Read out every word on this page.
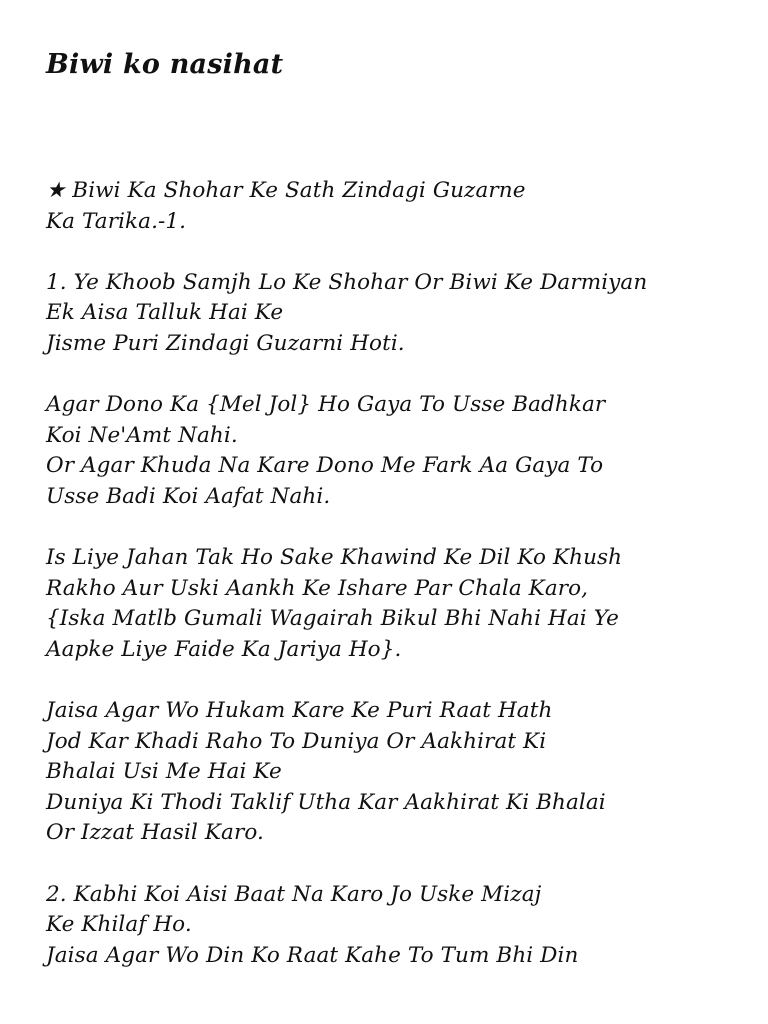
Biwi ko nasihat
★ Biwi Ka Shohar Ke Sath Zindagi Guzarne
Ka Tarika.-1.
1. Ye Khoob Samjh Lo Ke Shohar Or Biwi Ke Darmiyan
Ek Aisa Talluk Hai Ke
Jisme Puri Zindagi Guzarni Hoti.
Agar Dono Ka {Mel Jol} Ho Gaya To Usse Badhkar
Koi Ne'Amt Nahi.
Or Agar Khuda Na Kare Dono Me Fark Aa Gaya To
Usse Badi Koi Aafat Nahi.
Is Liye Jahan Tak Ho Sake Khawind Ke Dil Ko Khush
Rakho Aur Uski Aankh Ke Ishare Par Chala Karo,
{Iska Matlb Gumali Wagairah Bikul Bhi Nahi Hai Ye
Aapke Liye Faide Ka Jariya Ho}.
Jaisa Agar Wo Hukam Kare Ke Puri Raat Hath
Jod Kar Khadi Raho To Duniya Or Aakhirat Ki
Bhalai Usi Me Hai Ke
Duniya Ki Thodi Taklif Utha Kar Aakhirat Ki Bhalai
Or Izzat Hasil Karo.
2. Kabhi Koi Aisi Baat Na Karo Jo Uske Mizaj
Ke Khilaf Ho.
Jaisa Agar Wo Din Ko Raat Kahe To Tum Bhi Din
